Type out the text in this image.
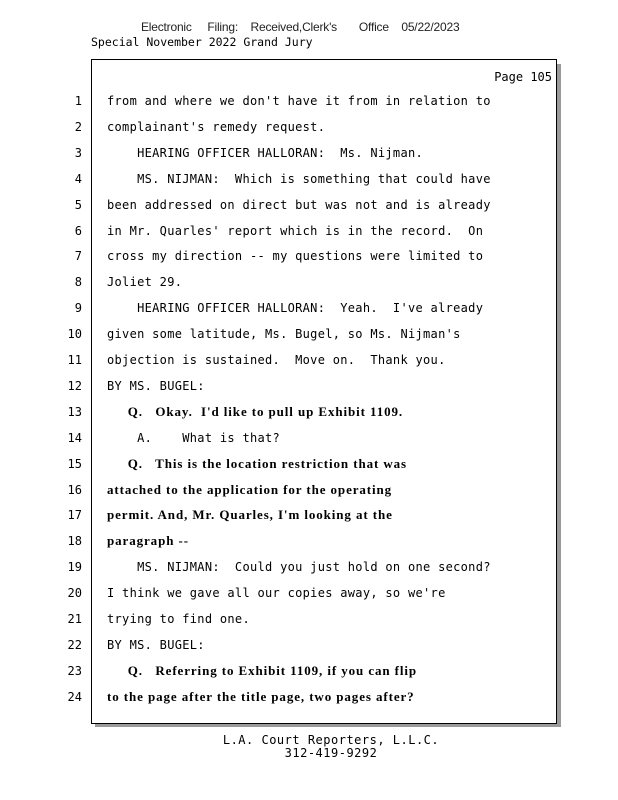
Electronic     Filing:    Received,Clerk's       Office    05/22/2023
Special November 2022 Grand Jury
Page 105
1 from and where we don't have it from in relation to
2 complainant's remedy request.
3 HEARING OFFICER HALLORAN:  Ms. Nijman.
4 MS. NIJMAN:  Which is something that could have
5 been addressed on direct but was not and is already
6 in Mr. Quarles' report which is in the record.  On
7 cross my direction -- my questions were limited to
8 Joliet 29.
9 HEARING OFFICER HALLORAN:  Yeah.  I've already
10 given some latitude, Ms. Bugel, so Ms. Nijman's
11 objection is sustained.  Move on.  Thank you.
12 BY MS. BUGEL:
13 Q.   Okay.  I'd like to pull up Exhibit 1109.
14 A.    What is that?
15 Q.   This is the location restriction that was
16 attached to the application for the operating
17 permit. And, Mr. Quarles, I'm looking at the
18 paragraph --
19 MS. NIJMAN:  Could you just hold on one second?
20 I think we gave all our copies away, so we're
21 trying to find one.
22 BY MS. BUGEL:
23 Q.   Referring to Exhibit 1109, if you can flip
24 to the page after the title page, two pages after?
L.A. Court Reporters, L.L.C.
312-419-9292
